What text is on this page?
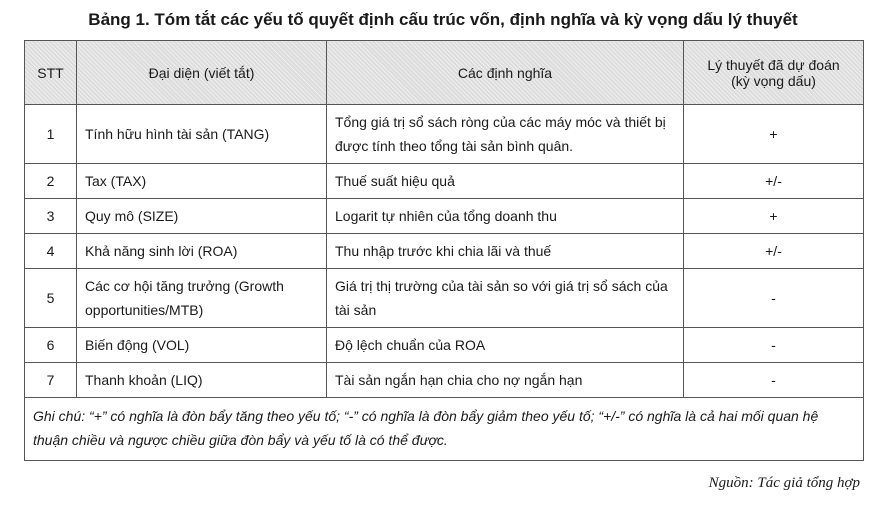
Bảng 1. Tóm tắt các yếu tố quyết định cấu trúc vốn, định nghĩa và kỳ vọng dấu lý thuyết
STT	Đại diện (viết tắt)	Các định nghĩa	Lý thuyết đã dự đoán
(kỳ vọng dấu)

1	Tính hữu hình tài sản (TANG)	Tổng giá trị sổ sách ròng của các máy móc và thiết bị được tính theo tổng tài sản bình quân.	+
2	Tax (TAX)	Thuế suất hiệu quả	+/-
3	Quy mô (SIZE)	Logarit tự nhiên của tổng doanh thu	+
4	Khả năng sinh lời (ROA)	Thu nhập trước khi chia lãi và thuế	+/-
5	Các cơ hội tăng trưởng (Growth opportunities/MTB)	Giá trị thị trường của tài sản so với giá trị sổ sách của tài sản	-
6	Biến động (VOL)	Độ lệch chuẩn của ROA	-
7	Thanh khoản (LIQ)	Tài sản ngắn hạn chia cho nợ ngắn hạn	-
Ghi chú: “+” có nghĩa là đòn bẩy tăng theo yếu tố; “-” có nghĩa là đòn bẩy giảm theo yếu tố; “+/-” có nghĩa là cả hai mối quan hệ thuận chiều và ngược chiều giữa đòn bẩy và yếu tố là có thể được.			
Nguồn: Tác giả tổng hợp
